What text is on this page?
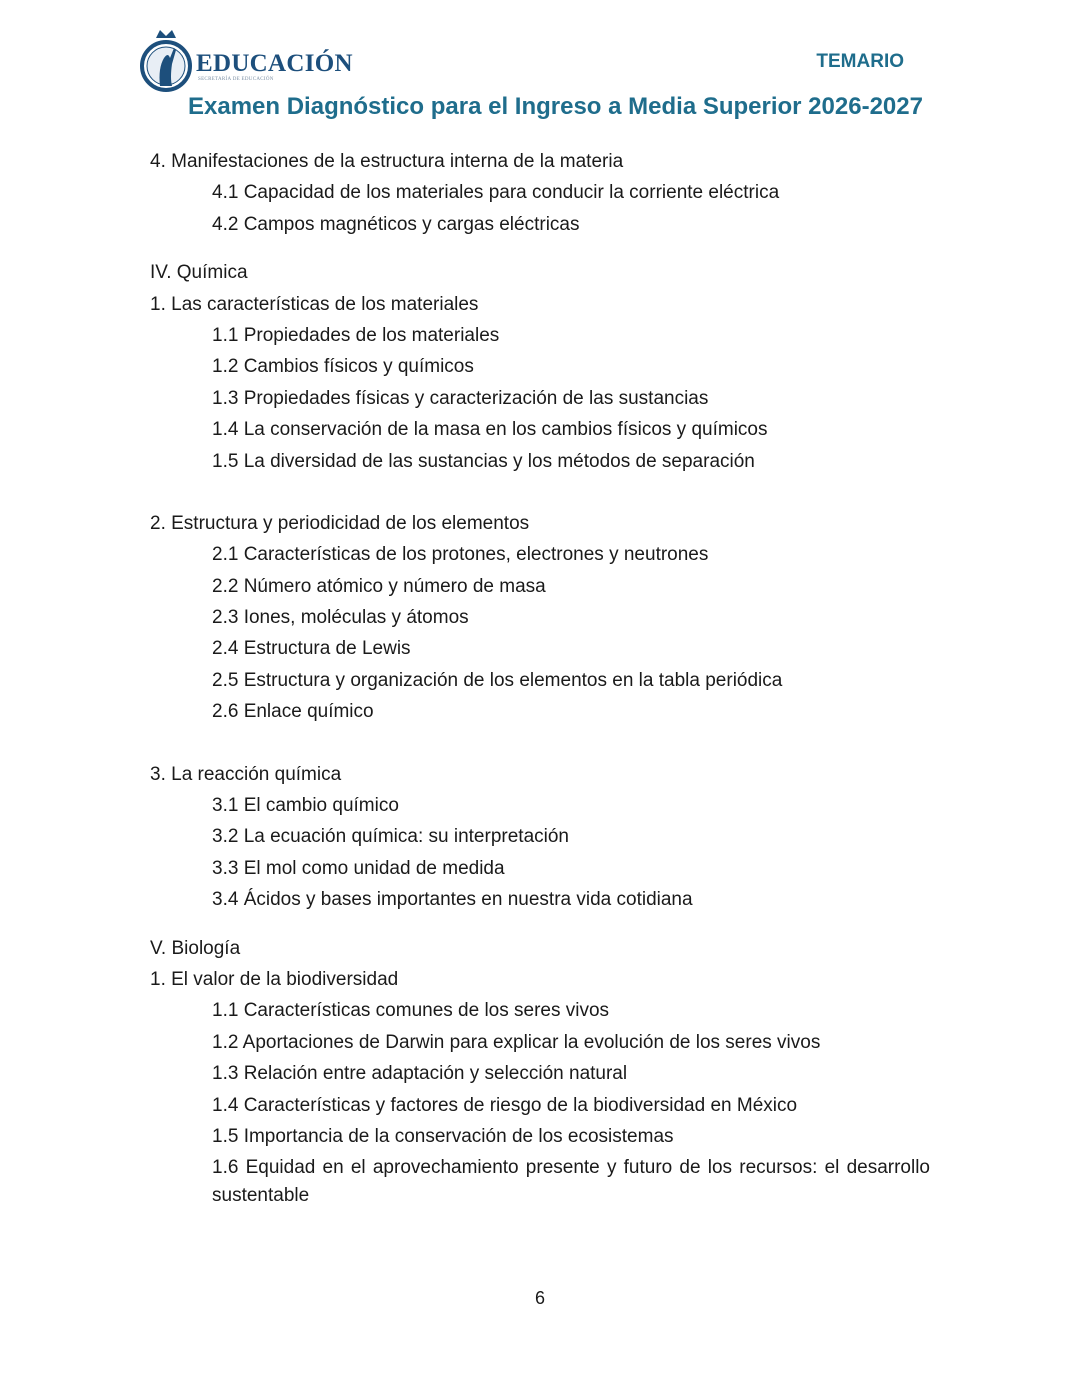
EDUCACIÓN
SECRETARÍA DE EDUCACIÓN
TEMARIO
Examen Diagnóstico para el Ingreso a Media Superior 2026-2027
4. Manifestaciones de la estructura interna de la materia
4.1 Capacidad de los materiales para conducir la corriente eléctrica
4.2 Campos magnéticos y cargas eléctricas
IV. Química
1. Las características de los materiales
1.1 Propiedades de los materiales
1.2 Cambios físicos y químicos
1.3 Propiedades físicas y caracterización de las sustancias
1.4 La conservación de la masa en los cambios físicos y químicos
1.5 La diversidad de las sustancias y los métodos de separación
2. Estructura y periodicidad de los elementos
2.1 Características de los protones, electrones y neutrones
2.2 Número atómico y número de masa
2.3 Iones, moléculas y átomos
2.4 Estructura de Lewis
2.5 Estructura y organización de los elementos en la tabla periódica
2.6 Enlace químico
3. La reacción química
3.1 El cambio químico
3.2 La ecuación química: su interpretación
3.3 El mol como unidad de medida
3.4 Ácidos y bases importantes en nuestra vida cotidiana
V. Biología
1. El valor de la biodiversidad
1.1 Características comunes de los seres vivos
1.2 Aportaciones de Darwin para explicar la evolución de los seres vivos
1.3 Relación entre adaptación y selección natural
1.4 Características y factores de riesgo de la biodiversidad en México
1.5 Importancia de la conservación de los ecosistemas
1.6 Equidad en el aprovechamiento presente y futuro de los recursos: el desarrollo sustentable
6
